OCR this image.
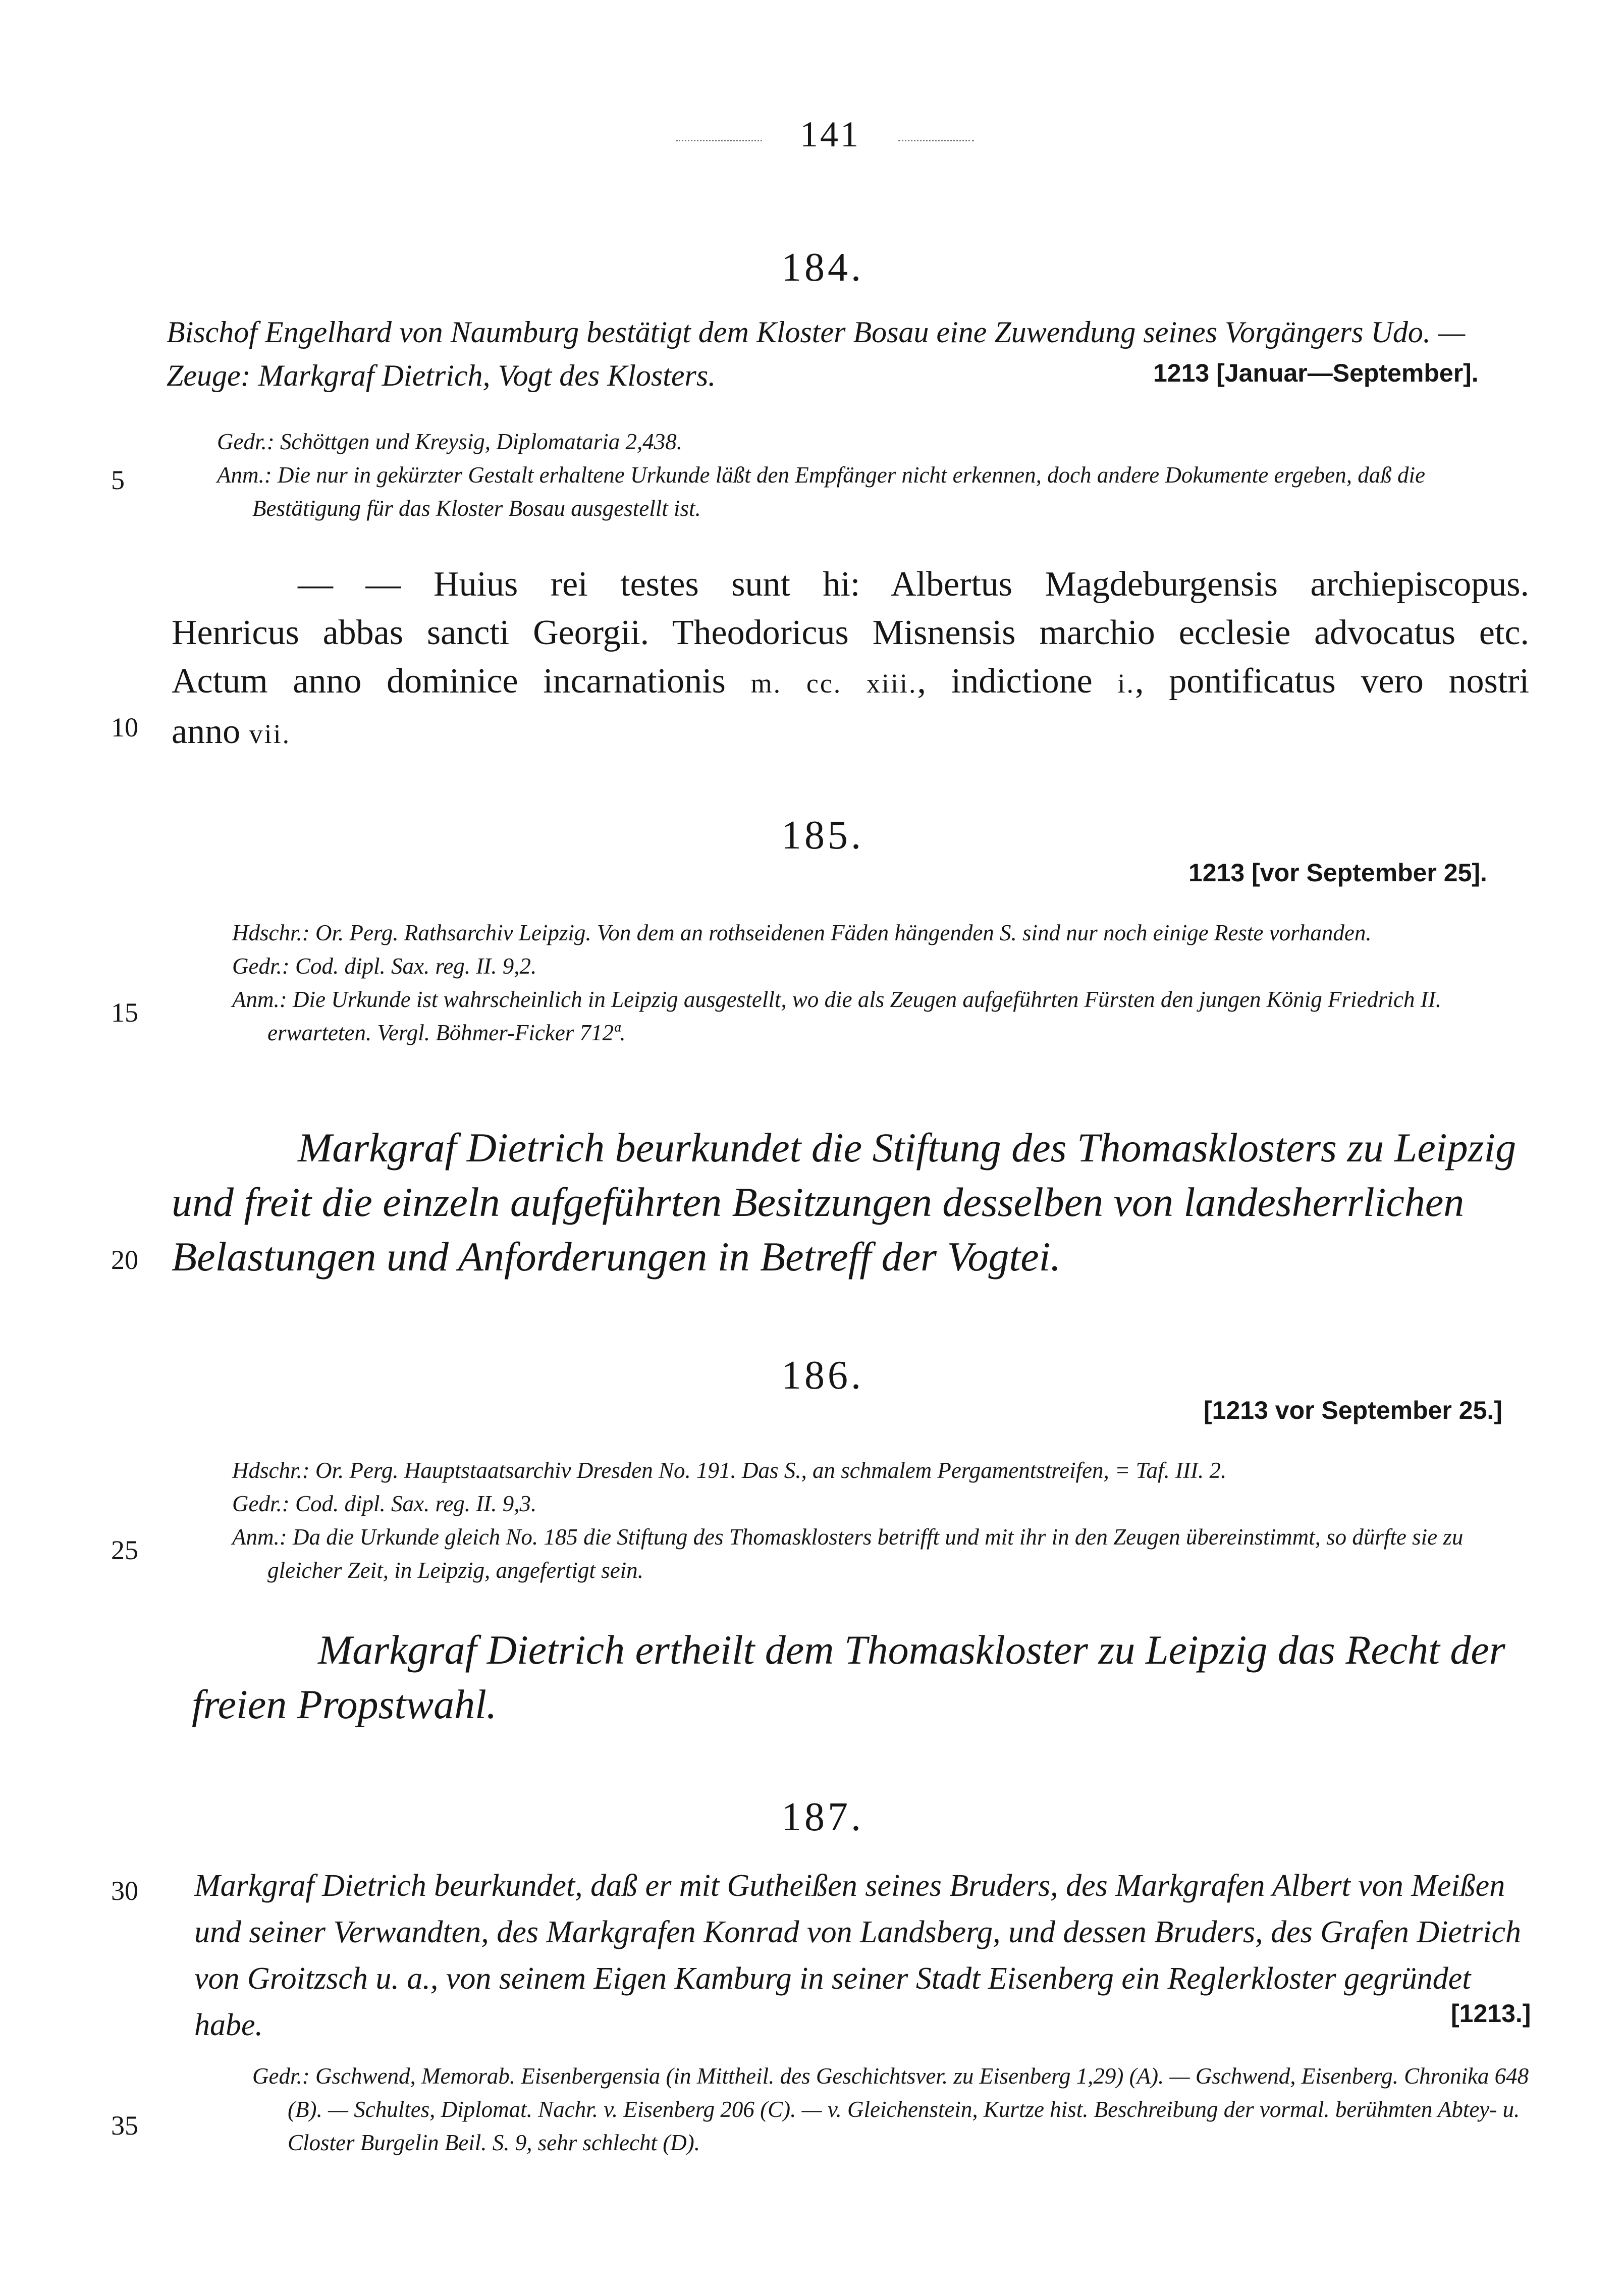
141
184.
Bischof Engelhard von Naumburg bestätigt dem Kloster Bosau eine Zuwendung seines Vorgängers Udo. — Zeuge: Markgraf Dietrich, Vogt des Klosters.	1213 [Januar—September].
Gedr.: Schöttgen und Kreysig, Diplomataria 2,438.
Anm.: Die nur in gekürzter Gestalt erhaltene Urkunde läßt den Empfänger nicht erkennen, doch andere Dokumente ergeben, daß die Bestätigung für das Kloster Bosau ausgestellt ist.

— — Huius rei testes sunt hi: Albertus Magdeburgensis archiepiscopus.

Henricus abbas sancti Georgii. Theodoricus Misnensis marchio ecclesie advocatus etc.

Actum anno dominice incarnationis m. cc. xiii., indictione i., pontificatus vero nostri

anno vii.

185.
1213 [vor September 25].
Hdschr.: Or. Perg. Rathsarchiv Leipzig. Von dem an rothseidenen Fäden hängenden S. sind nur noch einige Reste vorhanden.
Gedr.: Cod. dipl. Sax. reg. II. 9,2.
Anm.: Die Urkunde ist wahrscheinlich in Leipzig ausgestellt, wo die als Zeugen aufgeführten Fürsten den jungen König Friedrich II. erwarteten. Vergl. Böhmer-Ficker 712ª.
Markgraf Dietrich beurkundet die Stiftung des Thomasklosters zu Leipzig und freit die einzeln aufgeführten Besitzungen desselben von landesherrlichen Belastungen und Anforderungen in Betreff der Vogtei.
186.
[1213 vor September 25.]
Hdschr.: Or. Perg. Hauptstaatsarchiv Dresden No. 191. Das S., an schmalem Pergamentstreifen, = Taf. III. 2.
Gedr.: Cod. dipl. Sax. reg. II. 9,3.
Anm.: Da die Urkunde gleich No. 185 die Stiftung des Thomasklosters betrifft und mit ihr in den Zeugen übereinstimmt, so dürfte sie zu gleicher Zeit, in Leipzig, angefertigt sein.
Markgraf Dietrich ertheilt dem Thomaskloster zu Leipzig das Recht der freien Propstwahl.
187.
Markgraf Dietrich beurkundet, daß er mit Gutheißen seines Bruders, des Markgrafen Albert von Meißen und seiner Verwandten, des Markgrafen Konrad von Landsberg, und dessen Bruders, des Grafen Dietrich von Groitzsch u. a., von seinem Eigen Kamburg in seiner Stadt Eisenberg ein Reglerkloster gegründet habe.	[1213.]
Gedr.: Gschwend, Memorab. Eisenbergensia (in Mittheil. des Geschichtsver. zu Eisenberg 1,29) (A). — Gschwend, Eisenberg. Chronika 648 (B). — Schultes, Diplomat. Nachr. v. Eisenberg 206 (C). — v. Gleichenstein, Kurtze hist. Beschreibung der vormal. berühmten Abtey- u. Closter Burgelin Beil. S. 9, sehr schlecht (D).
5
10
15
20
25
30
35
